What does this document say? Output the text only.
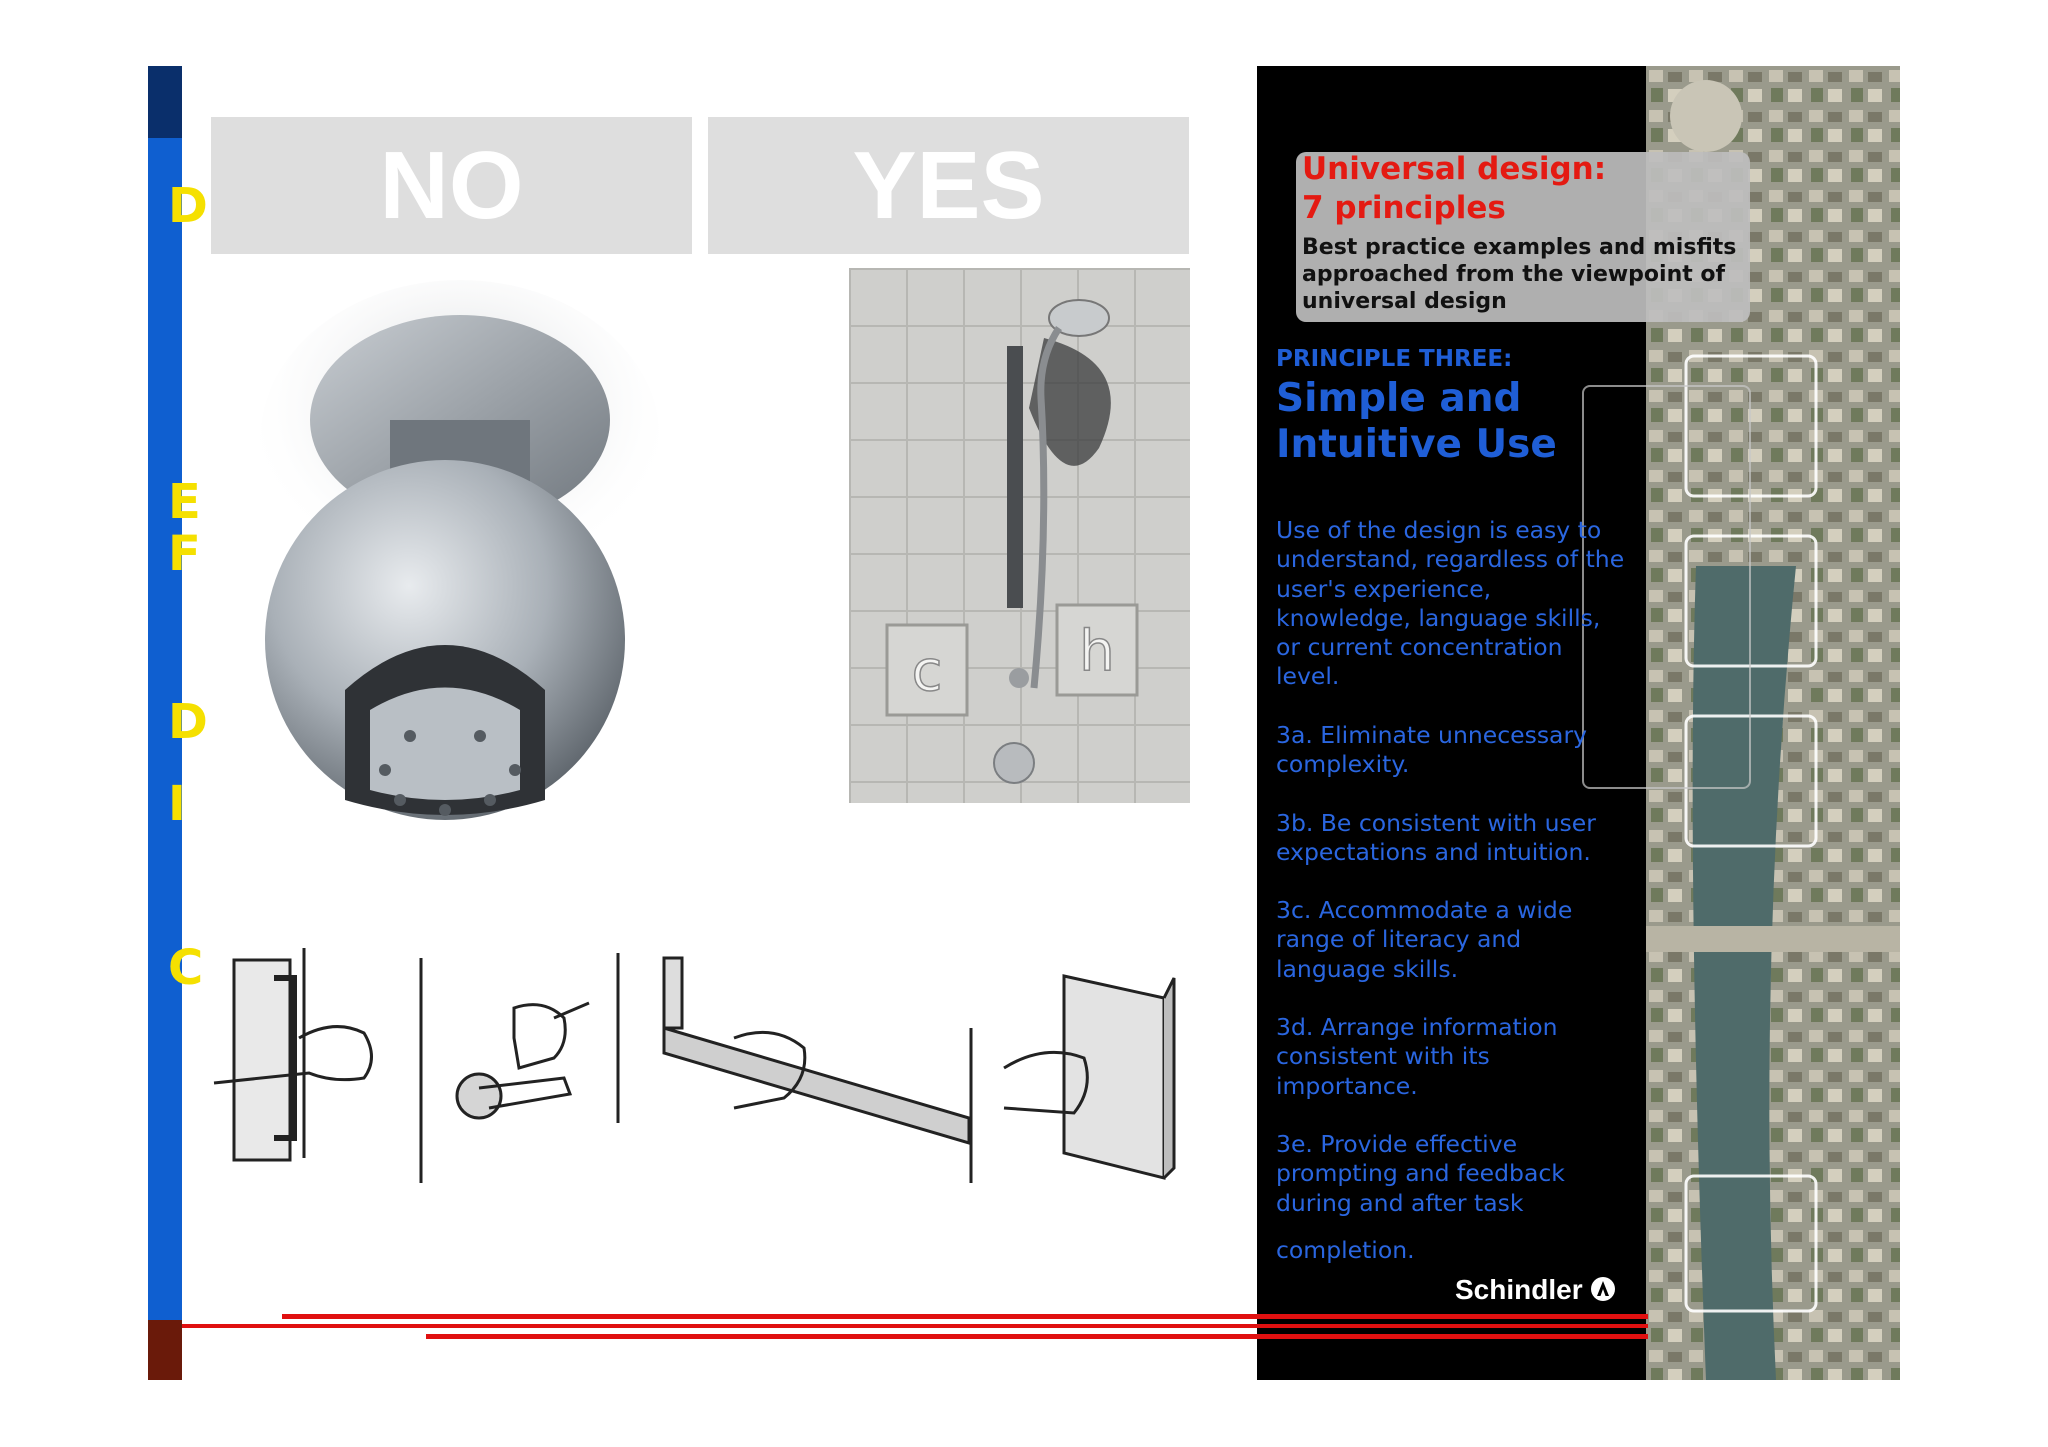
D
E
F
D
I
C
NO	YES
c h
Universal design:
7 principles
Best practice examples and misfits
approached from the viewpoint of
universal design
PRINCIPLE THREE:
Simple and
Intuitive Use
Use of the design is easy to
understand, regardless of the
user's experience,
knowledge, language skills,
or current concentration
level.
3a. Eliminate unnecessary
complexity.
3b. Be consistent with user
expectations and intuition.
3c. Accommodate a wide
range of literacy and
language skills.
3d. Arrange information
consistent with its
importance.
3e. Provide effective
prompting and feedback
during and after task
completion.
Schindler
